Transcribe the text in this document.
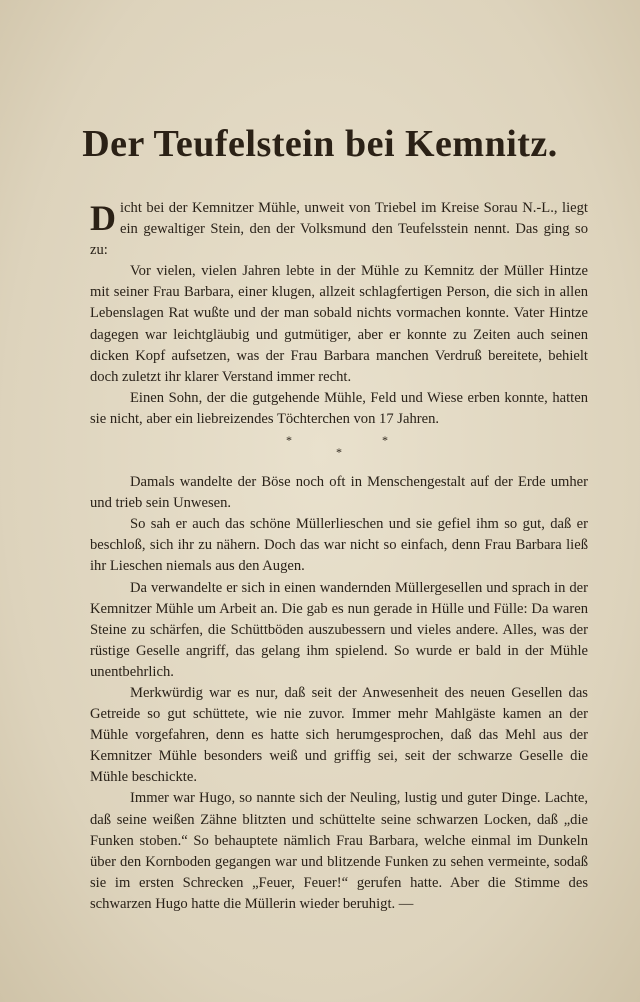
Der Teufelstein bei Kemnitz.

Dicht bei der Kemnitzer Mühle, unweit von Triebel im Kreise Sorau N.-L., liegt ein gewaltiger Stein, den der Volksmund den Teufelsstein nennt. Das ging so zu:

Vor vielen, vielen Jahren lebte in der Mühle zu Kemnitz der Müller Hintze mit seiner Frau Barbara, einer klugen, allzeit schlagfertigen Person, die sich in allen Lebenslagen Rat wußte und der man sobald nichts vormachen konnte. Vater Hintze dagegen war leichtgläubig und gutmütiger, aber er konnte zu Zeiten auch seinen dicken Kopf aufsetzen, was der Frau Barbara manchen Verdruß bereitete, behielt doch zuletzt ihr klarer Verstand immer recht.

Einen Sohn, der die gutgehende Mühle, Feld und Wiese erben konnte, hatten sie nicht, aber ein liebreizendes Töchterchen von 17 Jahren.

*
*
*

Damals wandelte der Böse noch oft in Menschengestalt auf der Erde umher und trieb sein Unwesen.

So sah er auch das schöne Müllerlieschen und sie gefiel ihm so gut, daß er beschloß, sich ihr zu nähern. Doch das war nicht so einfach, denn Frau Barbara ließ ihr Lieschen niemals aus den Augen.

Da verwandelte er sich in einen wandernden Müllergesellen und sprach in der Kemnitzer Mühle um Arbeit an. Die gab es nun gerade in Hülle und Fülle: Da waren Steine zu schärfen, die Schüttböden auszubessern und vieles andere. Alles, was der rüstige Geselle angriff, das gelang ihm spielend. So wurde er bald in der Mühle unentbehrlich.

Merkwürdig war es nur, daß seit der Anwesenheit des neuen Gesellen das Getreide so gut schüttete, wie nie zuvor. Immer mehr Mahlgäste kamen an der Mühle vorgefahren, denn es hatte sich herumgesprochen, daß das Mehl aus der Kemnitzer Mühle besonders weiß und griffig sei, seit der schwarze Geselle die Mühle beschickte.

Immer war Hugo, so nannte sich der Neuling, lustig und guter Dinge. Lachte, daß seine weißen Zähne blitzten und schüttelte seine schwarzen Locken, daß „die Funken stoben.“ So behauptete nämlich Frau Barbara, welche einmal im Dunkeln über den Kornboden gegangen war und blitzende Funken zu sehen vermeinte, sodaß sie im ersten Schrecken „Feuer, Feuer!“ gerufen hatte. Aber die Stimme des schwarzen Hugo hatte die Müllerin wieder beruhigt. —
